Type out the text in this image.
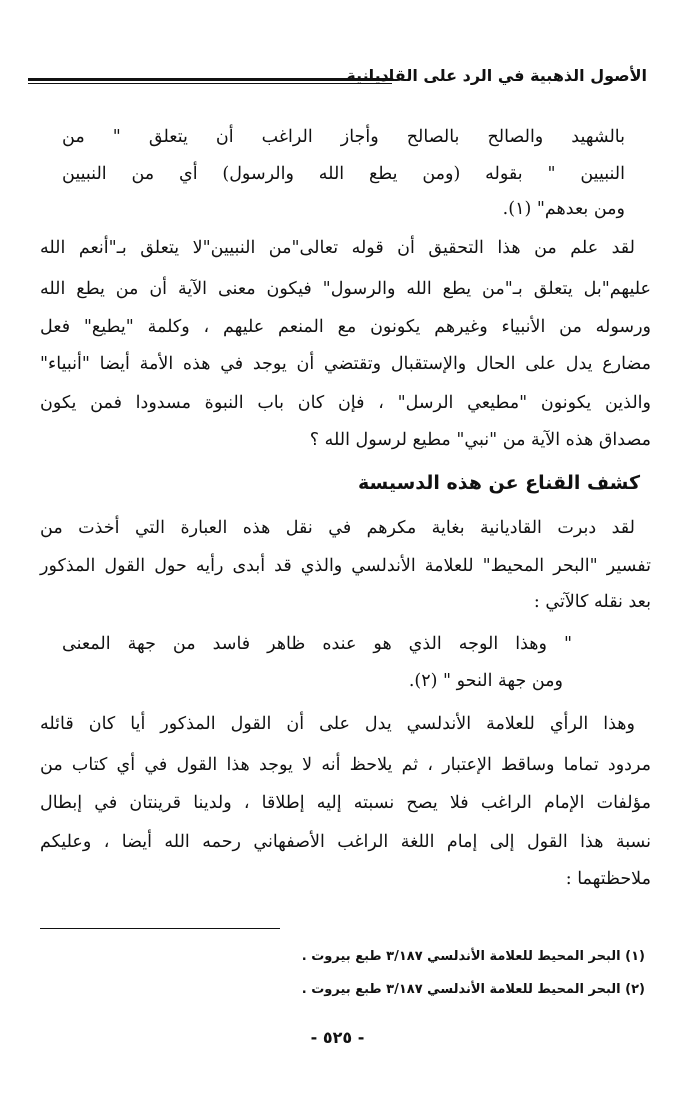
الأصول الذهبية في الرد على القاديانية
بالشهيد والصالح بالصالح وأجاز الراغب أن يتعلق " من
النبيين " بقوله (ومن يطع الله والرسول) أي من النبيين
ومن بعدهم" (١).
لقد علم من هذا التحقيق أن قوله تعالى"من النبيين"لا يتعلق بـ"أنعم الله
عليهم"بل يتعلق بـ"من يطع الله والرسول" فيكون معنى الآية أن من يطع الله
ورسوله من الأنبياء وغيرهم يكونون مع المنعم عليهم ، وكلمة "يطيع" فعل
مضارع يدل على الحال والإستقبال وتقتضي أن يوجد في هذه الأمة أيضا "أنبياء"
والذين يكونون "مطيعي الرسل" ، فإن كان باب النبوة مسدودا فمن يكون
مصداق هذه الآية من "نبي" مطيع لرسول الله ؟
لقد دبرت القاديانية بغاية مكرهم في نقل هذه العبارة التي أخذت من
تفسير "البحر المحيط" للعلامة الأندلسي والذي قد أبدى رأيه حول القول المذكور
بعد نقله كالآتي :
" وهذا الوجه الذي هو عنده ظاهر فاسد من جهة المعنى
ومن جهة النحو " (٢).
وهذا الرأي للعلامة الأندلسي يدل على أن القول المذكور أيا كان قائله
مردود تماما وساقط الإعتبار ، ثم يلاحظ أنه لا يوجد هذا القول في أي كتاب من
مؤلفات الإمام الراغب فلا يصح نسبته إليه إطلاقا ، ولدينا قرينتان في إبطال
نسبة هذا القول إلى إمام اللغة الراغب الأصفهاني رحمه الله أيضا ، وعليكم
ملاحظتهما :
كشف القناع عن هذه الدسيسة
(١) البحر المحيط للعلامة الأندلسي ٣/١٨٧ طبع بيروت .
(٢) البحر المحيط للعلامة الأندلسي ٣/١٨٧ طبع بيروت .
- ٥٢٥ -
